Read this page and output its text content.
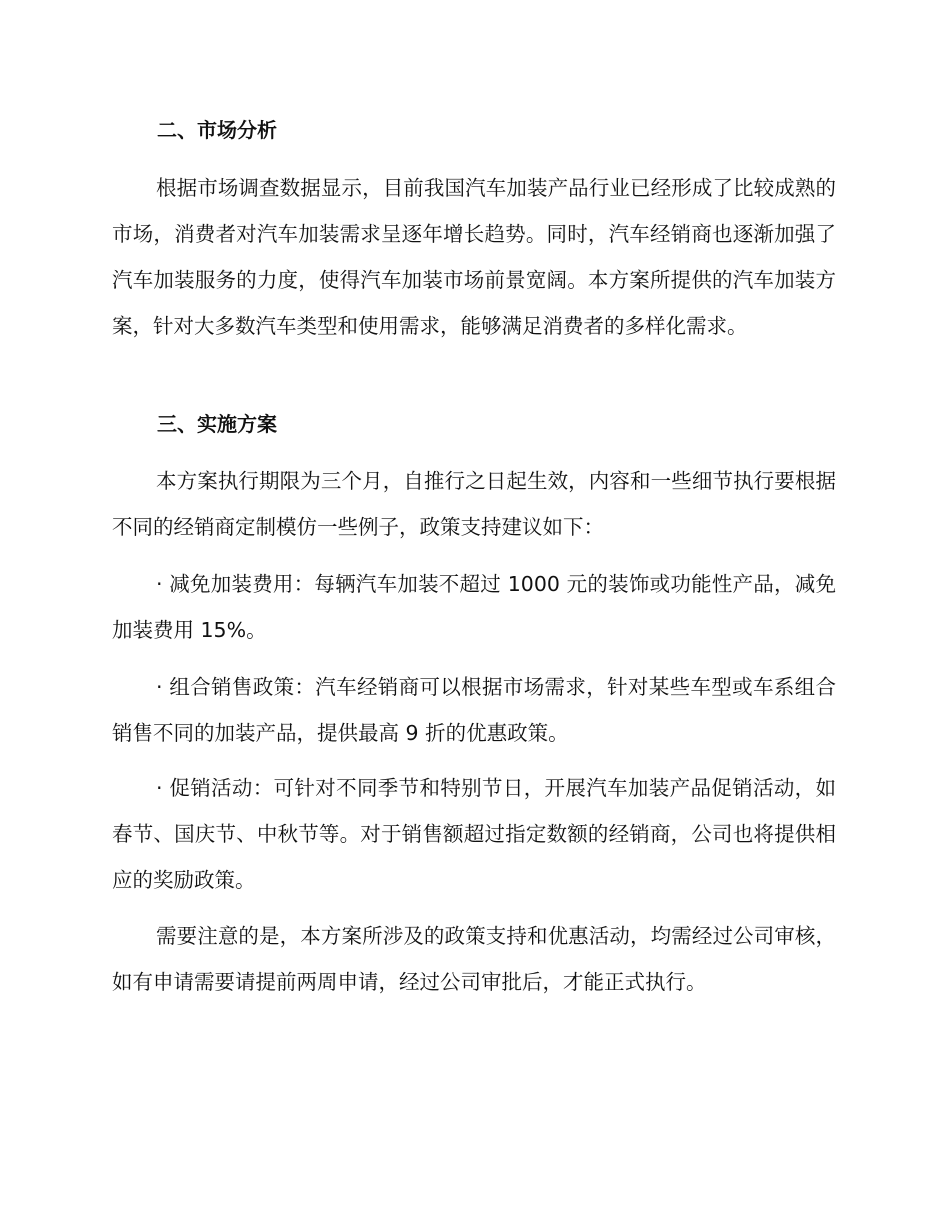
二、市场分析

根据市场调查数据显示，目前我国汽车加装产品行业已经形成了比较成熟的市场，消费者对汽车加装需求呈逐年增长趋势。同时，汽车经销商也逐渐加强了汽车加装服务的力度，使得汽车加装市场前景宽阔。本方案所提供的汽车加装方案，针对大多数汽车类型和使用需求，能够满足消费者的多样化需求。

三、实施方案

本方案执行期限为三个月，自推行之日起生效，内容和一些细节执行要根据不同的经销商定制模仿一些例子，政策支持建议如下：

· 减免加装费用：每辆汽车加装不超过 1000 元的装饰或功能性产品，减免加装费用 15%。

· 组合销售政策：汽车经销商可以根据市场需求，针对某些车型或车系组合销售不同的加装产品，提供最高 9 折的优惠政策。

· 促销活动：可针对不同季节和特别节日，开展汽车加装产品促销活动，如春节、国庆节、中秋节等。对于销售额超过指定数额的经销商，公司也将提供相应的奖励政策。

需要注意的是，本方案所涉及的政策支持和优惠活动，均需经过公司审核，如有申请需要请提前两周申请，经过公司审批后，才能正式执行。
